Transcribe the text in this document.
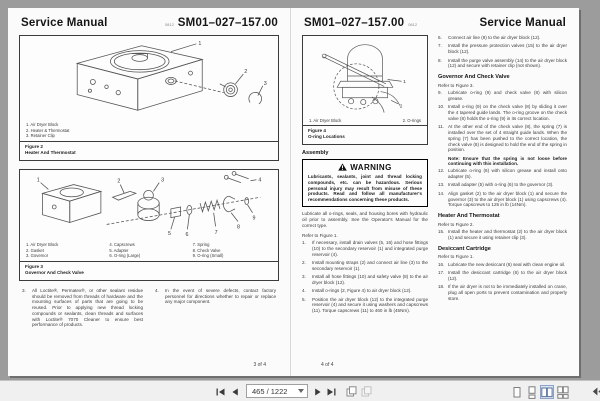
Service Manual	0812 SM01–027–157.00
1
2
3
1. Air Dryer Block
2. Heater & Thermostat
3. Retainer Clip
Figure 2
Heater And Thermostat
1	2	3	4
5	6	7
8
9
1. Air Dryer Block
2. Gasket
3. Governor
4. Capscrews
5. Adapter
6. O-ring (Large)
7. Spring
8. Check Valve
9. O-ring (Small)
Figure 3
Governor And Check Valve
3.	All Loctite®, Permatex®, or other sealant residue should be removed from threads of hardware and the mounting surfaces of parts that are going to be reused. Prior to applying new thread locking compounds or sealants, clean threads and surfaces with Loctite® 7070 Cleaner to ensure best performance of products.
4.	In the event of severe defects, contact factory personnel for directions whether to repair or replace any major component.
3 of 4
SM01–027–157.00 0812	Service Manual
1
2
1. Air Dryer Block	2. O-rings
Figure 4
O-ring Locations
Assembly
WARNING
Lubricants, sealants, joint and thread locking compounds, etc. can be hazardous. Serious personal injury may result from misuse of these products. Read and follow all manufacturer's recommendations concerning these products.
Lubricate all o-rings, seals, and housing bores with hydraulic oil prior to assembly. See the Operator's Manual for the correct type.
Refer to Figure 1.
1.	If necessary, install drain valves (5, 16) and hose fittings (10) to the secondary reservoir (1) and integrated purge reservoir (4).
2.	Install mounting straps (2) and connect air line (3) to the secondary reservoir (1).
3.	Install all hose fittings (10) and safety valve (8) to the air dryer block (12).
4.	Install o-rings (2, Figure 4) to air dryer block (12).
5.	Position the air dryer block (12) to the integrated purge reservoir (4) and secure it using washers and capscrews (11). Torque capscrews (11) to 460 in lb (45Nm).
6.	Connect air line (9) to the air dryer block (12).
7.	Install the pressure protection valves (15) to the air dryer block (12).
8.	Install the purge valve assembly (14) to the air dryer block (12) and secure with retainer clip (not shown).
Governor And Check Valve
Refer to Figure 3.
9.	Lubricate o-ring (9) and check valve (8) with silicon grease.
10. Install o-ring (9) on the check valve (8) by sliding it over the 4 tapered guide lands. The o-ring groove on the check valve (8) holds the o-ring (9) in its correct location.
11. At the other end of the check valve (8), the spring (7) is installed over the set of 4 straight guide lands. When the spring (7) has been pushed to the correct location, the check valve (8) is designed to hold the end of the spring in position.
Note: Ensure that the spring is not loose before continuing with this installation.
12. Lubricate o-ring (6) with silicon grease and install onto adapter (5).
13. Install adapter (5) with o-ring (6) to the governor (3).
14. Align gasket (2) to the air dryer block (1) and secure the governor (3) to the air dryer block (1) using capscrews (4). Torque capscrews to 125 in lb (14Nm).
Heater And Thermostat
Refer to Figure 2.
15. Install the heater and thermostat (2) to the air dryer block (1) and secure it using retainer clip (3).
Desiccant Cartridge
Refer to Figure 1.
16. Lubricate the new desiccant (6) seal with clean engine oil.
17. Install the desiccant cartridge (6) to the air dryer block (12).
18. If the air dryer is not to be immediately installed on crane, plug all open ports to prevent contamination and properly store.
4 of 4
465 / 1222
